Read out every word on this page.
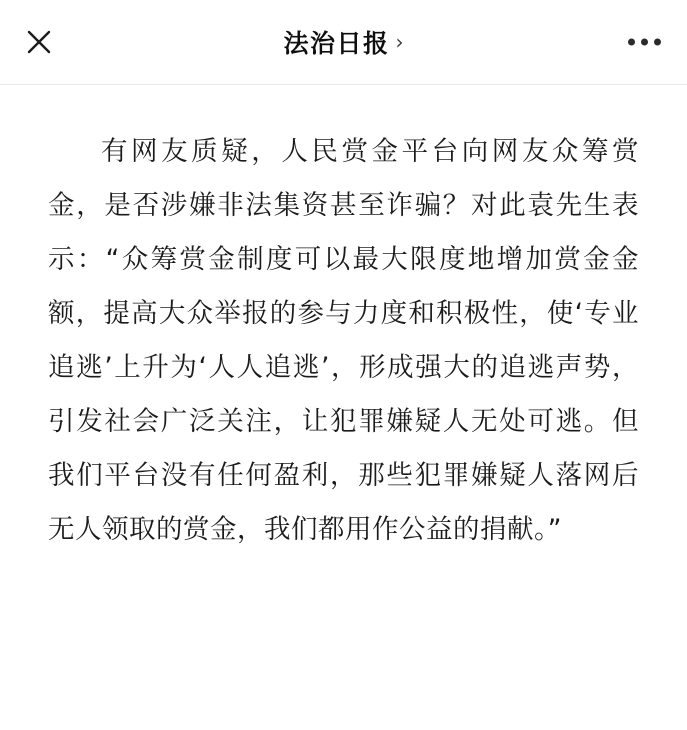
法治日报 ›

有网友质疑，人民赏金平台向网友众筹赏金，是否涉嫌非法集资甚至诈骗？对此袁先生表示：“众筹赏金制度可以最大限度地增加赏金金额，提高大众举报的参与力度和积极性，使‘专业追逃’上升为‘人人追逃’，形成强大的追逃声势，引发社会广泛关注，让犯罪嫌疑人无处可逃。但我们平台没有任何盈利，那些犯罪嫌疑人落网后无人领取的赏金，我们都用作公益的捐献。”
